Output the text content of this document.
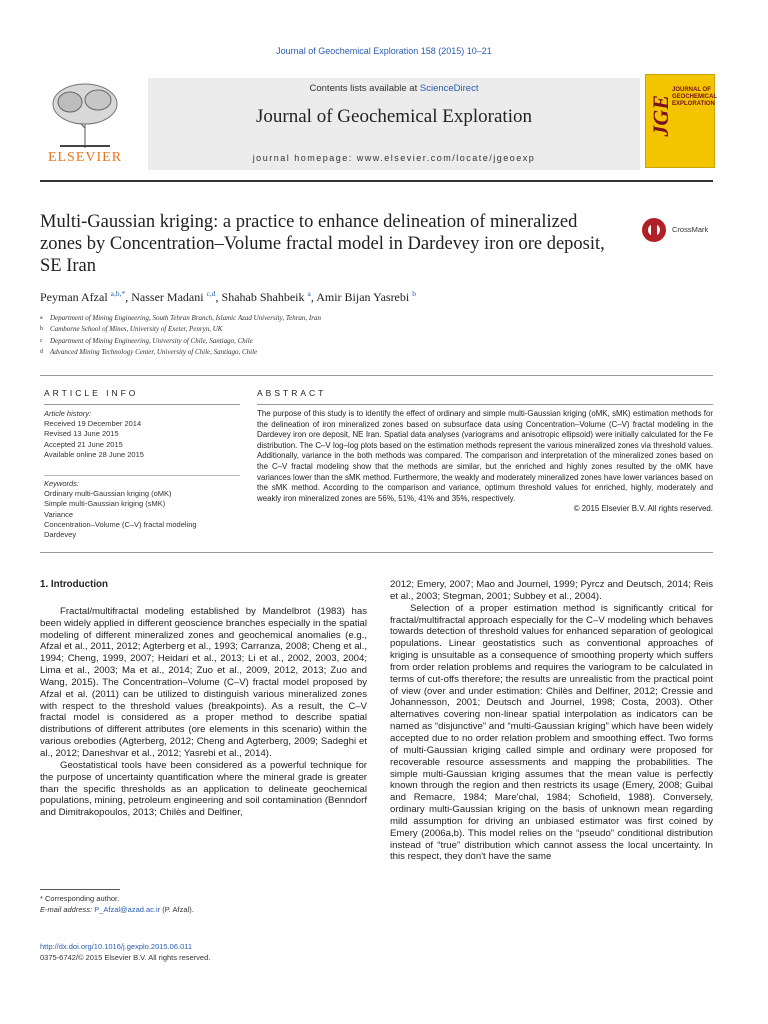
Journal of Geochemical Exploration 158 (2015) 10–21
ELSEVIER
Contents lists available at ScienceDirect
Journal of Geochemical Exploration
journal homepage: www.elsevier.com/locate/jgeoexp
JGE
JOURNAL OF GEOCHEMICAL EXPLORATION
Multi-Gaussian kriging: a practice to enhance delineation of mineralized zones by Concentration–Volume fractal model in Dardevey iron ore deposit, SE Iran
CrossMark
Peyman Afzal $^{a,b,*}$, Nasser Madani $^{c,d}$, Shahab Shahbeik $^a$, Amir Bijan Yasrebi $^b$
a Department of Mining Engineering, South Tehran Branch, Islamic Azad University, Tehran, Iran
b Camborne School of Mines, University of Exeter, Penryn, UK
c Department of Mining Engineering, University of Chile, Santiago, Chile
d Advanced Mining Technology Center, University of Chile, Santiago, Chile
ARTICLE INFO	ABSTRACT
Article history:
Received 19 December 2014
Revised 13 June 2015
Accepted 21 June 2015
Available online 28 June 2015
Keywords:
Ordinary multi-Gaussian kriging (oMK)
Simple multi-Gaussian kriging (sMK)
Variance
Concentration–Volume (C–V) fractal modeling
Dardevey
The purpose of this study is to identify the effect of ordinary and simple multi-Gaussian kriging (oMK, sMK) estimation methods for the delineation of iron mineralized zones based on subsurface data using Concentration–Volume (C–V) fractal modeling in the Dardevey iron ore deposit, NE Iran. Spatial data analyses (variograms and anisotropic ellipsoid) were initially calculated for the Fe distribution. The C–V log–log plots based on the estimation methods represent the various mineralized zones via threshold values. Additionally, variance in the both methods was compared. The comparison and interpretation of the mineralized zones based on the C–V fractal modeling show that the methods are similar, but the enriched and highly zones resulted by the oMK have variances lower than the sMK method. Furthermore, the weakly and moderately mineralized zones have lower variances based on the sMK method. According to the comparison and variance, optimum threshold values for enriched, highly, moderately and weakly iron mineralized zones are 56%, 51%, 41% and 35%, respectively.
© 2015 Elsevier B.V. All rights reserved.
1. Introduction

Fractal/multifractal modeling established by Mandelbrot (1983) has been widely applied in different geoscience branches especially in the spatial modeling of different mineralized zones and geochemical anomalies (e.g., Afzal et al., 2011, 2012; Agterberg et al., 1993; Carranza, 2008; Cheng et al., 1994; Cheng, 1999, 2007; Heidari et al., 2013; Li et al., 2002, 2003, 2004; Lima et al., 2003; Ma et al., 2014; Zuo et al., 2009, 2012, 2013; Zuo and Wang, 2015). The Concentration–Volume (C–V) fractal model proposed by Afzal et al. (2011) can be utilized to distinguish various mineralized zones with respect to the threshold values (breakpoints). As a result, the C–V fractal model is considered as a proper method to describe spatial distributions of different attributes (ore elements in this scenario) within the various orebodies (Agterberg, 2012; Cheng and Agterberg, 2009; Sadeghi et al., 2012; Daneshvar et al., 2012; Yasrebi et al., 2014).

Geostatistical tools have been considered as a powerful technique for the purpose of uncertainty quantification where the mineral grade is greater than the specific thresholds as an application to delineate geochemical populations, mining, petroleum engineering and soil contamination (Benndorf and Dimitrakopoulos, 2013; Chilès and Delfiner,

2012; Emery, 2007; Mao and Journel, 1999; Pyrcz and Deutsch, 2014; Reis et al., 2003; Stegman, 2001; Subbey et al., 2004).

Selection of a proper estimation method is significantly critical for fractal/multifractal approach especially for the C–V modeling which behaves towards detection of threshold values for enhanced separation of geological populations. Linear geostatistics such as conventional approaches of kriging is unsuitable as a consequence of smoothing property which suffers from order relation problems and requires the variogram to be calculated in terms of cut-offs therefore; the results are unrealistic from the practical point of view (over and under estimation: Chilès and Delfiner, 2012; Cressie and Johannesson, 2001; Deutsch and Journel, 1998; Costa, 2003). Other alternatives covering non-linear spatial interpolation as indicators can be named as “disjunctive” and “multi-Gaussian kriging” which have been widely accepted due to no order relation problem and smoothing effect. Two forms of multi-Gaussian kriging called simple and ordinary were proposed for recoverable resource assessments and mapping the probabilities. The simple multi-Gaussian kriging assumes that the mean value is perfectly known through the region and then restricts its usage (Emery, 2008; Guibal and Remacre, 1984; Mare'chal, 1984; Schofield, 1988). Conversely, ordinary multi-Gaussian kriging on the basis of unknown mean regarding mild assumption for driving an unbiased estimator was first coined by Emery (2006a,b). This model relies on the “pseudo” conditional distribution instead of “true” distribution which cannot assess the local uncertainty. In this respect, they don't have the same

* Corresponding author.
E-mail address: P_Afzal@azad.ac.ir (P. Afzal).
http://dx.doi.org/10.1016/j.gexplo.2015.06.011
0375-6742/© 2015 Elsevier B.V. All rights reserved.
